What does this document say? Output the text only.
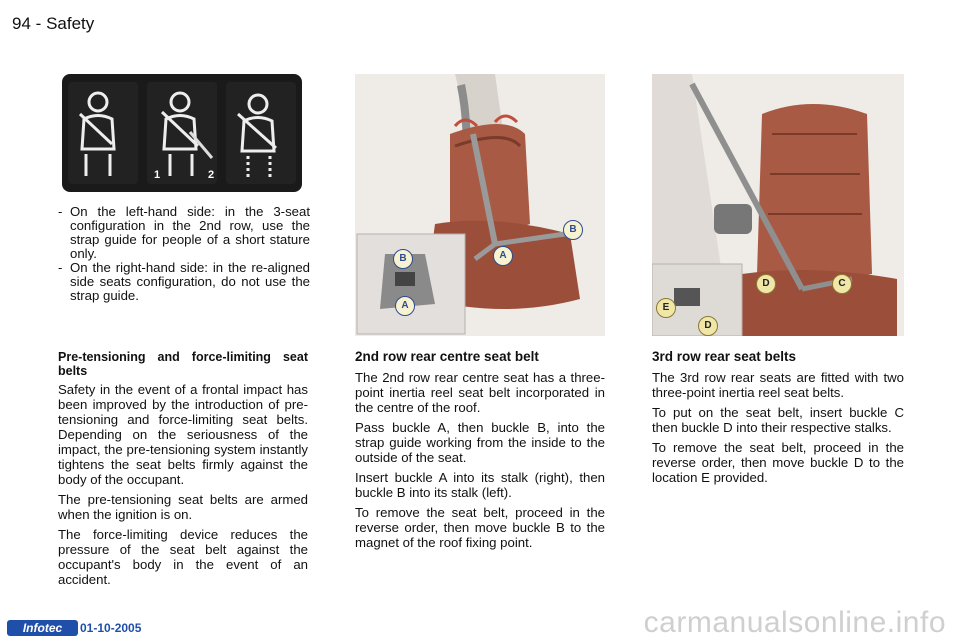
94 - Safety
1	2
- On the left-hand side: in the 3-seat configuration in the 2nd row, use the strap guide for people of a short stature only.
- On the right-hand side: in the re-aligned side seats configuration, do not use the strap guide.
Pre-tensioning and force-limiting seat belts

Safety in the event of a frontal impact has been improved by the introduction of pre-tensioning and force-limiting seat belts. Depending on the seriousness of the impact, the pre-tensioning system instantly tightens the seat belts firmly against the body of the occupant.

The pre-tensioning seat belts are armed when the ignition is on.

The force-limiting device reduces the pressure of the seat belt against the occupant's body in the event of an accident.

A
B
B
A
2nd row rear centre seat belt

The 2nd row rear centre seat has a three-point inertia reel seat belt incorporated in the centre of the roof.

Pass buckle A, then buckle B, into the strap guide working from the inside to the outside of the seat.

Insert buckle A into its stalk (right), then buckle B into its stalk (left).

To remove the seat belt, proceed in the reverse order, then move buckle B to the magnet of the roof fixing point.

D	C
E
D
3rd row rear seat belts

The 3rd row rear seats are fitted with two three-point inertia reel seat belts.

To put on the seat belt, insert buckle C then buckle D into their respective stalks.

To remove the seat belt, proceed in the reverse order, then move buckle D to the location E provided.

Infotec	01-10-2005	carmanualsonline.info
